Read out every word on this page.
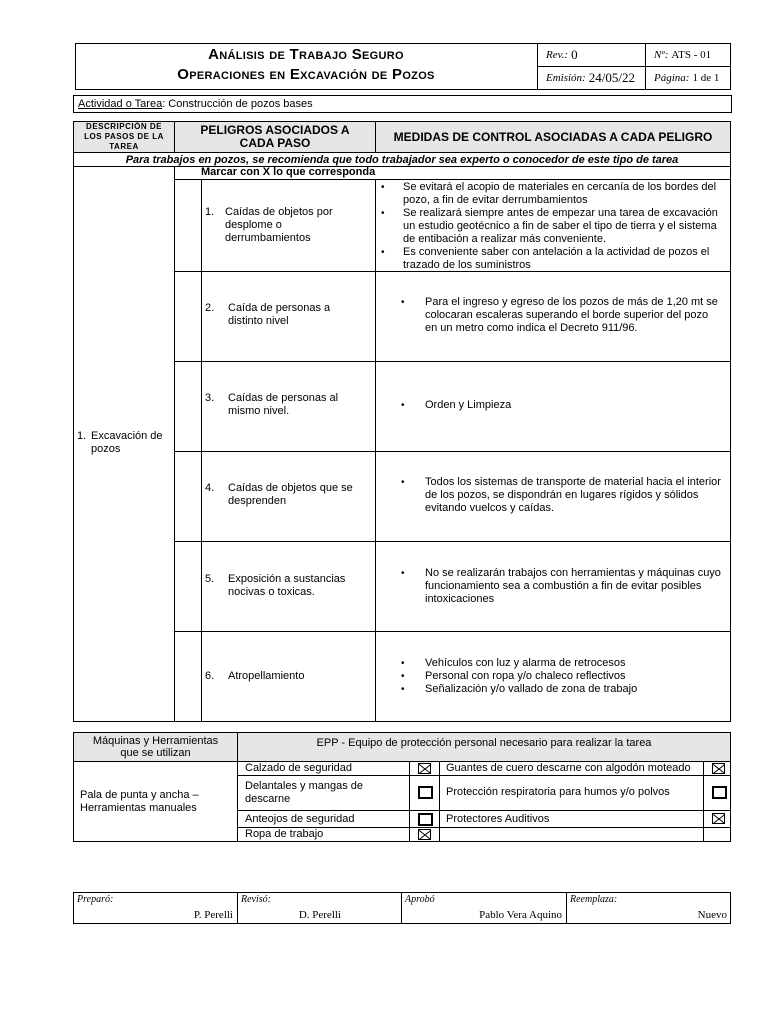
Análisis de Trabajo Seguro
Operaciones en Excavación de Pozos
Rev.: 0	Nº: ATS - 01
Emisión: 24/05/22 Página: 1 de 1
Actividad o Tarea: Construcción de pozos bases
DESCRIPCIÓN DE LOS PASOS DE LA TAREA
PELIGROS ASOCIADOS A CADA PASO	MEDIDAS DE CONTROL ASOCIADAS A CADA PELIGRO
Para trabajos en pozos, se recomienda que todo trabajador sea experto o conocedor de este tipo de tarea
Marcar con X lo que corresponda
1. Excavación de pozos
1. Caídas de objetos por desplome o derrumbamientos
• Se evitará el acopio de materiales en cercanía de los bordes del pozo, a fin de evitar derrumbamientos
• Se realizará siempre antes de empezar una tarea de excavación un estudio geotécnico a fin de saber el tipo de tierra y el sistema de entibación a realizar más conveniente.
• Es conveniente saber con antelación a la actividad de pozos el trazado de los suministros
2. Caída de personas a distinto nivel
• Para el ingreso y egreso de los pozos de más de 1,20 mt se colocaran escaleras superando el borde superior del pozo en un metro como indica el Decreto 911/96.
3. Caídas de personas al mismo nivel.
•	Orden y Limpieza
4. Caídas de objetos que se desprenden
• Todos los sistemas de transporte de material hacia el interior de los pozos, se dispondrán en lugares rígidos y sólidos evitando vuelcos y caídas.
5. Exposición a sustancias nocivas o toxicas.
• No se realizarán trabajos con herramientas y máquinas cuyo funcionamiento sea a combustión a fin de evitar posibles intoxicaciones
6. Atropellamiento
• Vehículos con luz y alarma de retrocesos
• Personal con ropa y/o chaleco reflectivos
• Señalización y/o vallado de zona de trabajo
Máquinas y Herramientas que se utilizan
EPP - Equipo de protección personal necesario para realizar la tarea
Pala de punta y ancha – Herramientas manuales
Calzado de seguridad
Delantales y mangas de descarne
Anteojos de seguridad
Ropa de trabajo
Guantes de cuero descarne con algodón moteado
Protección respiratoria para humos y/o polvos
Protectores Auditivos
Preparó:
P. Perelli
Revisó:
D. Perelli
Aprobó
Pablo Vera Aquino
Reemplaza:
Nuevo
